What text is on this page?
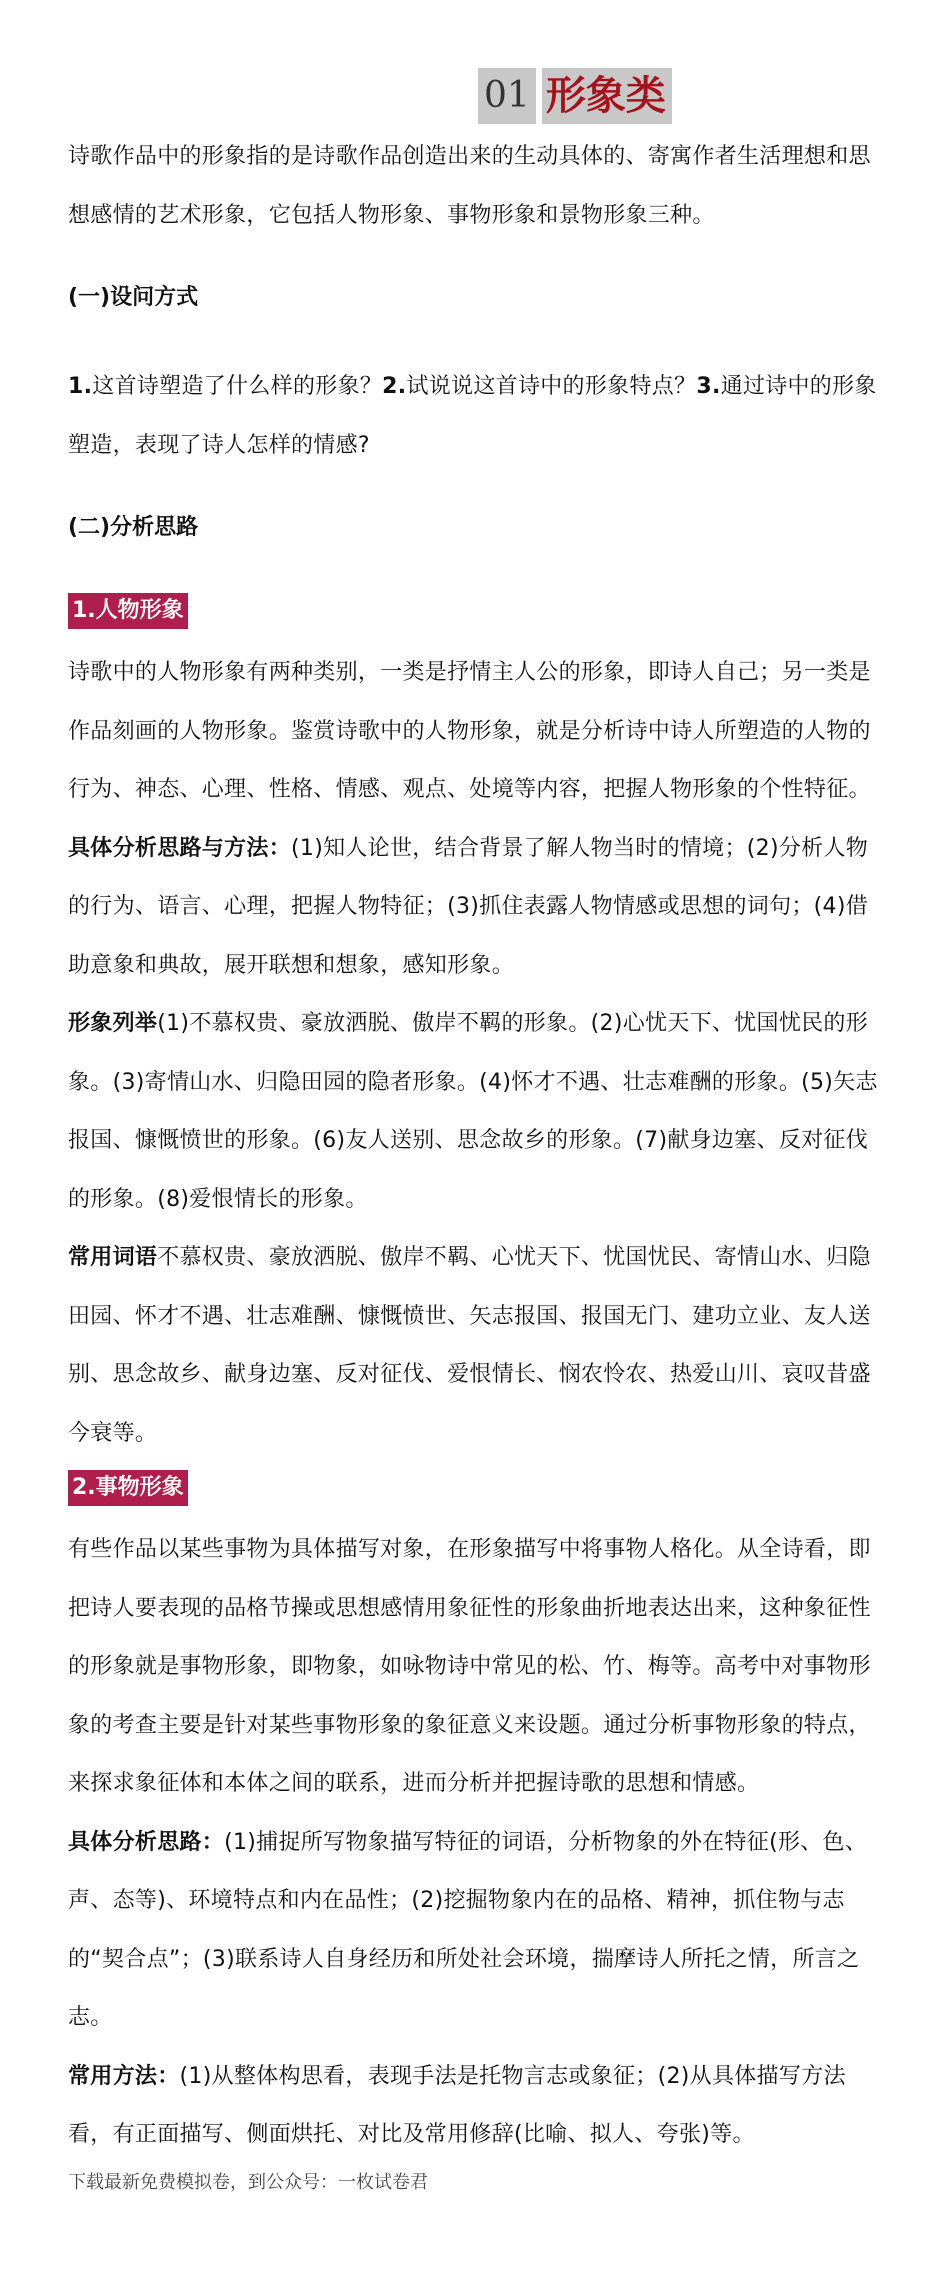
01 形象类
诗歌作品中的形象指的是诗歌作品创造出来的生动具体的、寄寓作者生活理想和思想感情的艺术形象，它包括人物形象、事物形象和景物形象三种。
(一)设问方式
1.这首诗塑造了什么样的形象？2.试说说这首诗中的形象特点？3.通过诗中的形象塑造，表现了诗人怎样的情感?
(二)分析思路
1.人物形象
诗歌中的人物形象有两种类别，一类是抒情主人公的形象，即诗人自己；另一类是作品刻画的人物形象。鉴赏诗歌中的人物形象，就是分析诗中诗人所塑造的人物的行为、神态、心理、性格、情感、观点、处境等内容，把握人物形象的个性特征。
具体分析思路与方法：(1)知人论世，结合背景了解人物当时的情境；(2)分析人物的行为、语言、心理，把握人物特征；(3)抓住表露人物情感或思想的词句；(4)借助意象和典故，展开联想和想象，感知形象。
形象列举(1)不慕权贵、豪放洒脱、傲岸不羁的形象。(2)心忧天下、忧国忧民的形象。(3)寄情山水、归隐田园的隐者形象。(4)怀才不遇、壮志难酬的形象。(5)矢志报国、慷慨愤世的形象。(6)友人送别、思念故乡的形象。(7)献身边塞、反对征伐的形象。(8)爱恨情长的形象。
常用词语不慕权贵、豪放洒脱、傲岸不羁、心忧天下、忧国忧民、寄情山水、归隐田园、怀才不遇、壮志难酬、慷慨愤世、矢志报国、报国无门、建功立业、友人送别、思念故乡、献身边塞、反对征伐、爱恨情长、悯农怜农、热爱山川、哀叹昔盛今衰等。
2.事物形象
有些作品以某些事物为具体描写对象，在形象描写中将事物人格化。从全诗看，即把诗人要表现的品格节操或思想感情用象征性的形象曲折地表达出来，这种象征性的形象就是事物形象，即物象，如咏物诗中常见的松、竹、梅等。高考中对事物形象的考查主要是针对某些事物形象的象征意义来设题。通过分析事物形象的特点，来探求象征体和本体之间的联系，进而分析并把握诗歌的思想和情感。
具体分析思路：(1)捕捉所写物象描写特征的词语，分析物象的外在特征(形、色、声、态等)、环境特点和内在品性；(2)挖掘物象内在的品格、精神，抓住物与志的“契合点”；(3)联系诗人自身经历和所处社会环境，揣摩诗人所托之情，所言之志。
常用方法：(1)从整体构思看，表现手法是托物言志或象征；(2)从具体描写方法看，有正面描写、侧面烘托、对比及常用修辞(比喻、拟人、夸张)等。
下载最新免费模拟卷，到公众号：一枚试卷君
